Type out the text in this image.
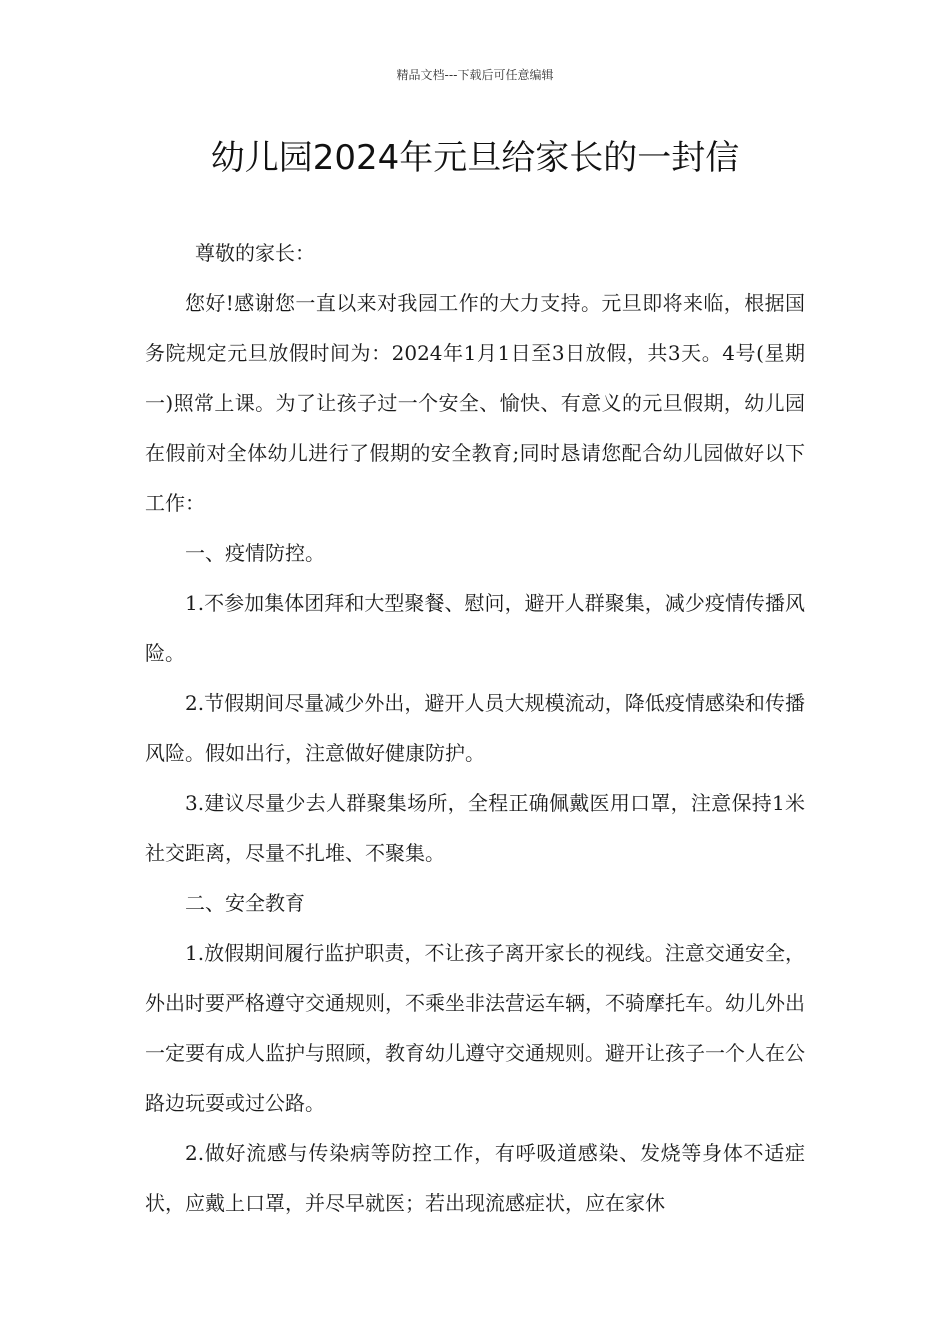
精品文档---下载后可任意编辑
幼儿园2024年元旦给家长的一封信

尊敬的家长：

您好!感谢您一直以来对我园工作的大力支持。元旦即将来临，根据国务院规定元旦放假时间为：2024年1月1日至3日放假，共3天。4号(星期一)照常上课。为了让孩子过一个安全、愉快、有意义的元旦假期，幼儿园在假前对全体幼儿进行了假期的安全教育;同时恳请您配合幼儿园做好以下工作：

一、疫情防控。

1.不参加集体团拜和大型聚餐、慰问，避开人群聚集，减少疫情传播风险。

2.节假期间尽量减少外出，避开人员大规模流动，降低疫情感染和传播风险。假如出行，注意做好健康防护。

3.建议尽量少去人群聚集场所，全程正确佩戴医用口罩，注意保持1米社交距离，尽量不扎堆、不聚集。

二、安全教育

1.放假期间履行监护职责，不让孩子离开家长的视线。注意交通安全，外出时要严格遵守交通规则，不乘坐非法营运车辆，不骑摩托车。幼儿外出一定要有成人监护与照顾，教育幼儿遵守交通规则。避开让孩子一个人在公路边玩耍或过公路。

2.做好流感与传染病等防控工作，有呼吸道感染、发烧等身体不适症状，应戴上口罩，并尽早就医；若出现流感症状，应在家休
